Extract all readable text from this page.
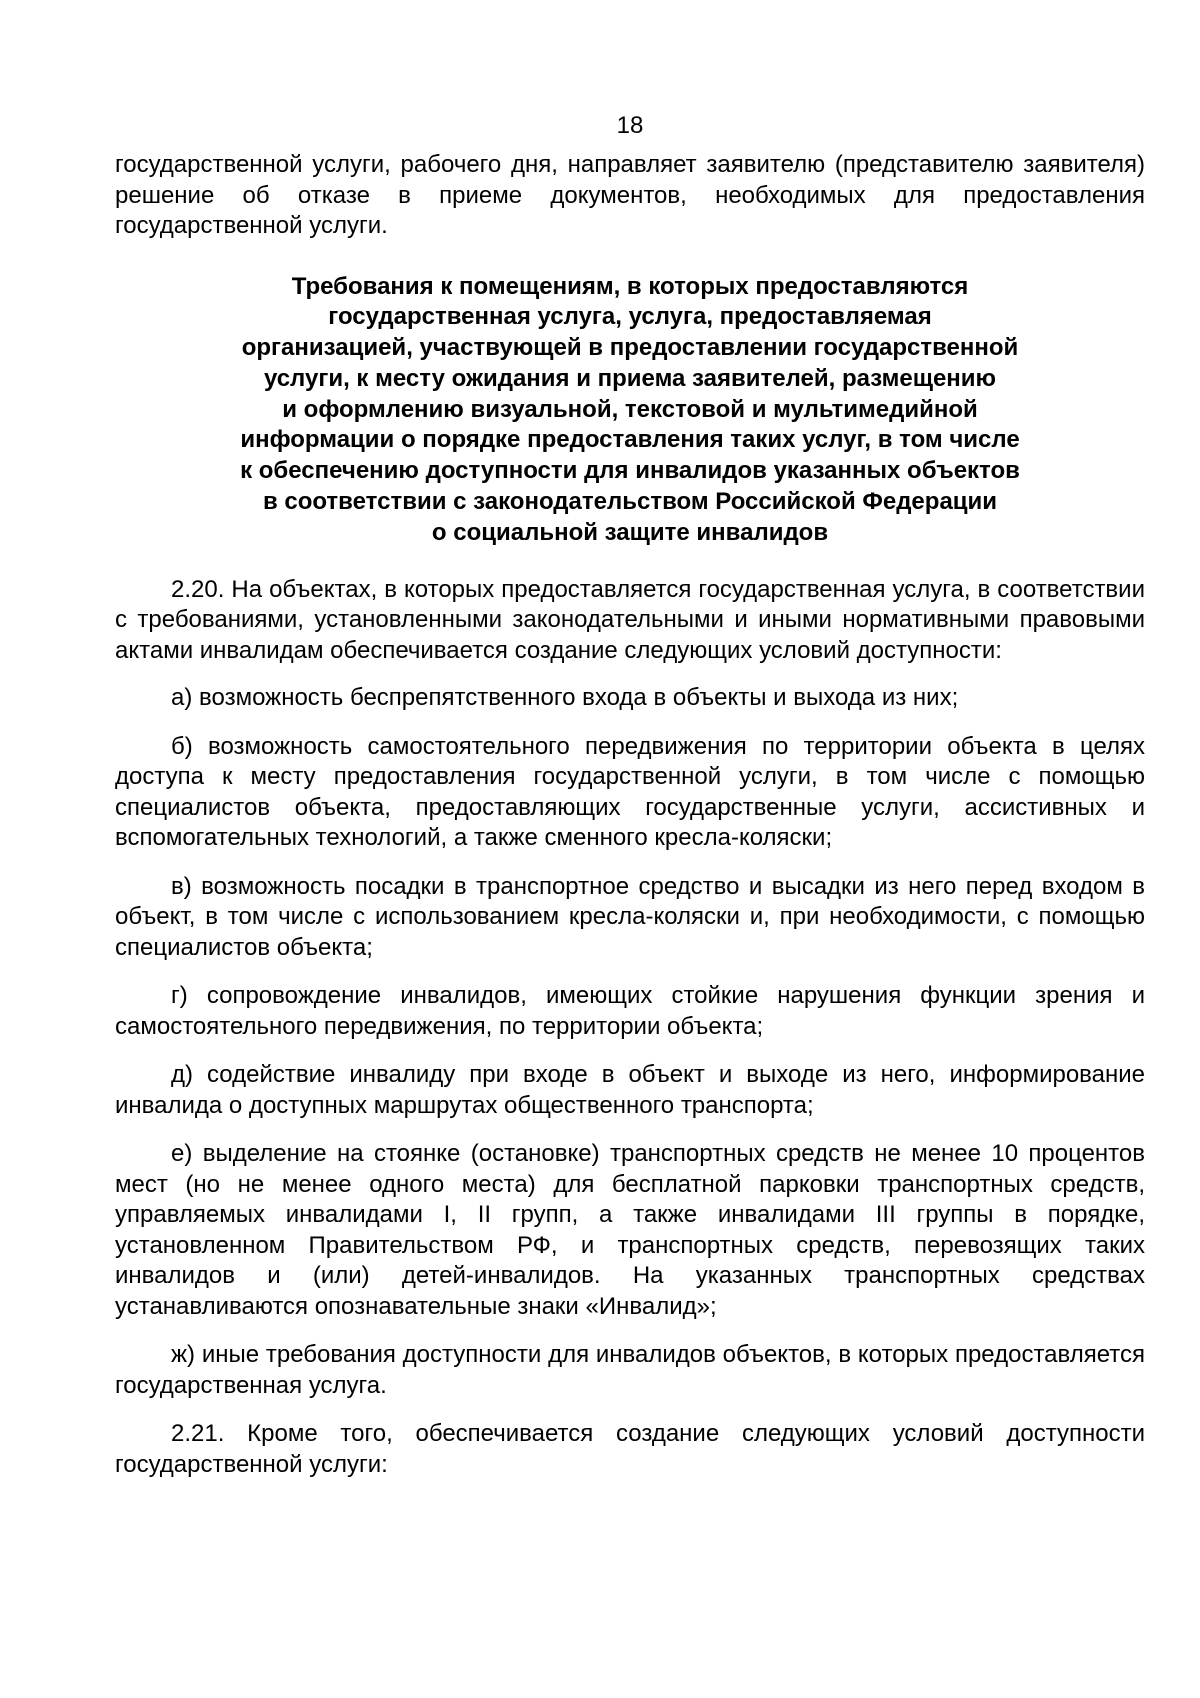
18

государственной услуги, рабочего дня, направляет заявителю (представителю заявителя) решение об отказе в приеме документов, необходимых для предоставления государственной услуги.

Требования к помещениям, в которых предоставляются
государственная услуга, услуга, предоставляемая
организацией, участвующей в предоставлении государственной
услуги, к месту ожидания и приема заявителей, размещению
и оформлению визуальной, текстовой и мультимедийной
информации о порядке предоставления таких услуг, в том числе
к обеспечению доступности для инвалидов указанных объектов
в соответствии с законодательством Российской Федерации
о социальной защите инвалидов

2.20. На объектах, в которых предоставляется государственная услуга, в соответствии с требованиями, установленными законодательными и иными нормативными правовыми актами инвалидам обеспечивается создание следующих условий доступности:

а) возможность беспрепятственного входа в объекты и выхода из них;

б) возможность самостоятельного передвижения по территории объекта в целях доступа к месту предоставления государственной услуги, в том числе с помощью специалистов объекта, предоставляющих государственные услуги, ассистивных и вспомогательных технологий, а также сменного кресла-коляски;

в) возможность посадки в транспортное средство и высадки из него перед входом в объект, в том числе с использованием кресла-коляски и, при необходимости, с помощью специалистов объекта;

г) сопровождение инвалидов, имеющих стойкие нарушения функции зрения и самостоятельного передвижения, по территории объекта;

д) содействие инвалиду при входе в объект и выходе из него, информирование инвалида о доступных маршрутах общественного транспорта;

е) выделение на стоянке (остановке) транспортных средств не менее 10 процентов мест (но не менее одного места) для бесплатной парковки транспортных средств, управляемых инвалидами I, II групп, а также инвалидами III группы в порядке, установленном Правительством РФ, и транспортных средств, перевозящих таких инвалидов и (или) детей-инвалидов. На указанных транспортных средствах устанавливаются опознавательные знаки «Инвалид»;

ж) иные требования доступности для инвалидов объектов, в которых предоставляется государственная услуга.

2.21. Кроме того, обеспечивается создание следующих условий доступности государственной услуги:
